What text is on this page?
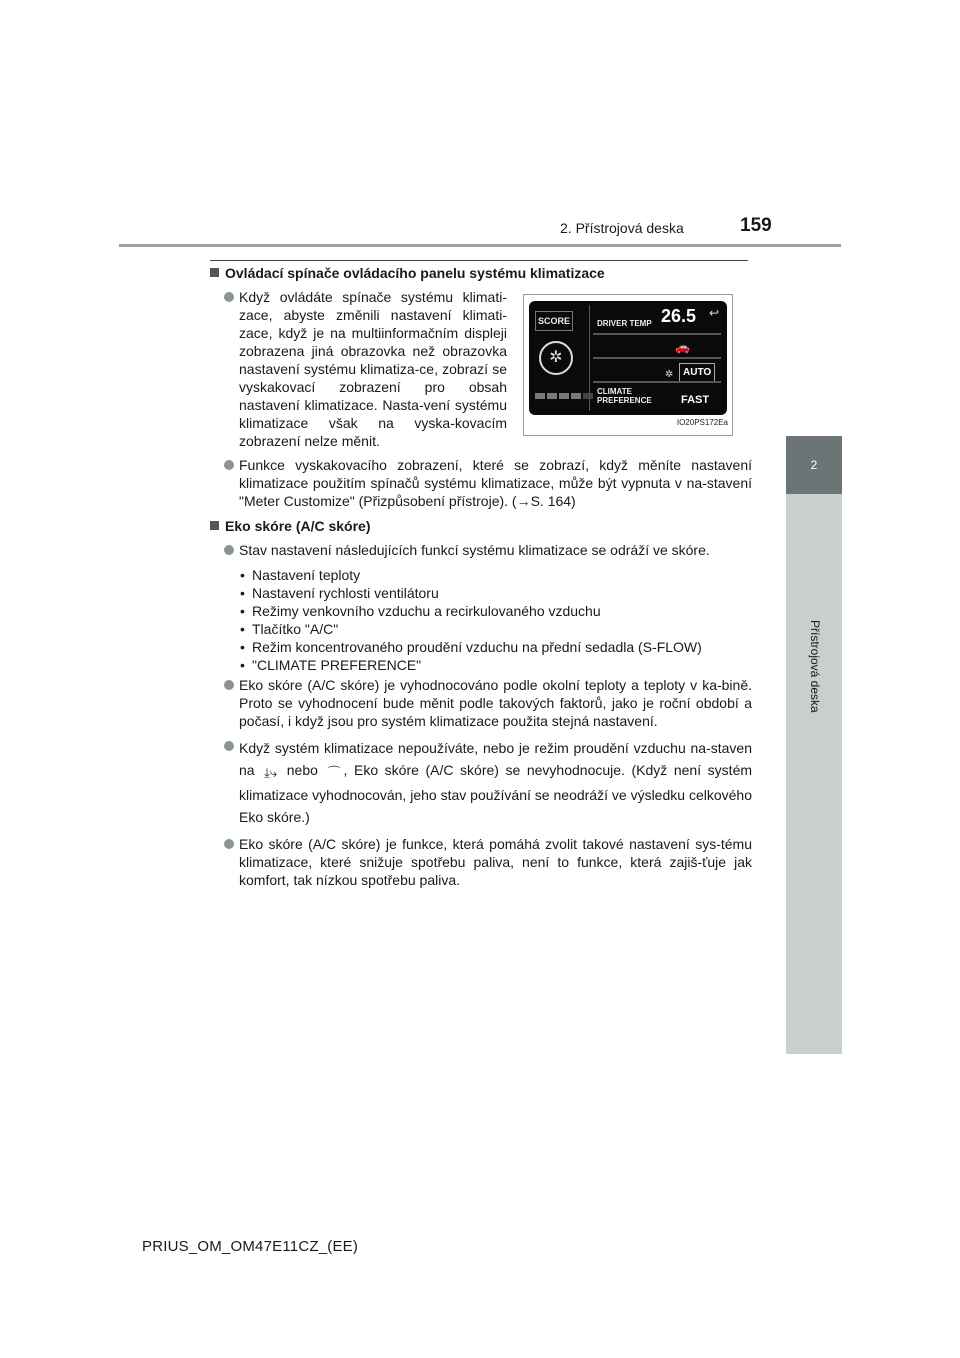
2. Přístrojová deska	159
2
Přístrojová deska
Ovládací spínače ovládacího panelu systému klimatizace
Když ovládáte spínače systému klimati-zace, abyste změnili nastavení klimati-zace, když je na multiinformačním displeji zobrazena jiná obrazovka než obrazovka nastavení systému klimatiza-ce, zobrazí se vyskakovací zobrazení pro obsah nastavení klimatizace. Nasta-vení systému klimatizace však na vyska-kovacím zobrazení nelze měnit.
SCORE
✲
DRIVER TEMP 26.5 ↩
🚗
✲ AUTO
CLIMATE
PREFERENCE	FAST
IO20PS172Ea
Funkce vyskakovacího zobrazení, které se zobrazí, když měníte nastavení klimatizace použitím spínačů systému klimatizace, může být vypnuta v na-stavení "Meter Customize" (Přizpůsobení přístroje). (→S. 164)
Eko skóre (A/C skóre)
Stav nastavení následujících funkcí systému klimatizace se odráží ve skóre.
• Nastavení teploty
• Nastavení rychlosti ventilátoru
• Režimy venkovního vzduchu a recirkulovaného vzduchu
• Tlačítko "A/C"
• Režim koncentrovaného proudění vzduchu na přední sedadla (S-FLOW)
• "CLIMATE PREFERENCE"
Eko skóre (A/C skóre) je vyhodnocováno podle okolní teploty a teploty v ka-bině. Proto se vyhodnocení bude měnit podle takových faktorů, jako je roční období a počasí, i když jsou pro systém klimatizace použita stejná nastavení.
Když systém klimatizace nepoužíváte, nebo je režim proudění vzduchu na-staven na ⤓⤷ nebo ⌒ , Eko skóre (A/C skóre) se nevyhodnocuje. (Když není systém klimatizace vyhodnocován, jeho stav používání se neodráží ve výsledku celkového Eko skóre.)
Eko skóre (A/C skóre) je funkce, která pomáhá zvolit takové nastavení sys-tému klimatizace, které snižuje spotřebu paliva, není to funkce, která zajiš-ťuje jak komfort, tak nízkou spotřebu paliva.
PRIUS_OM_OM47E11CZ_(EE)
